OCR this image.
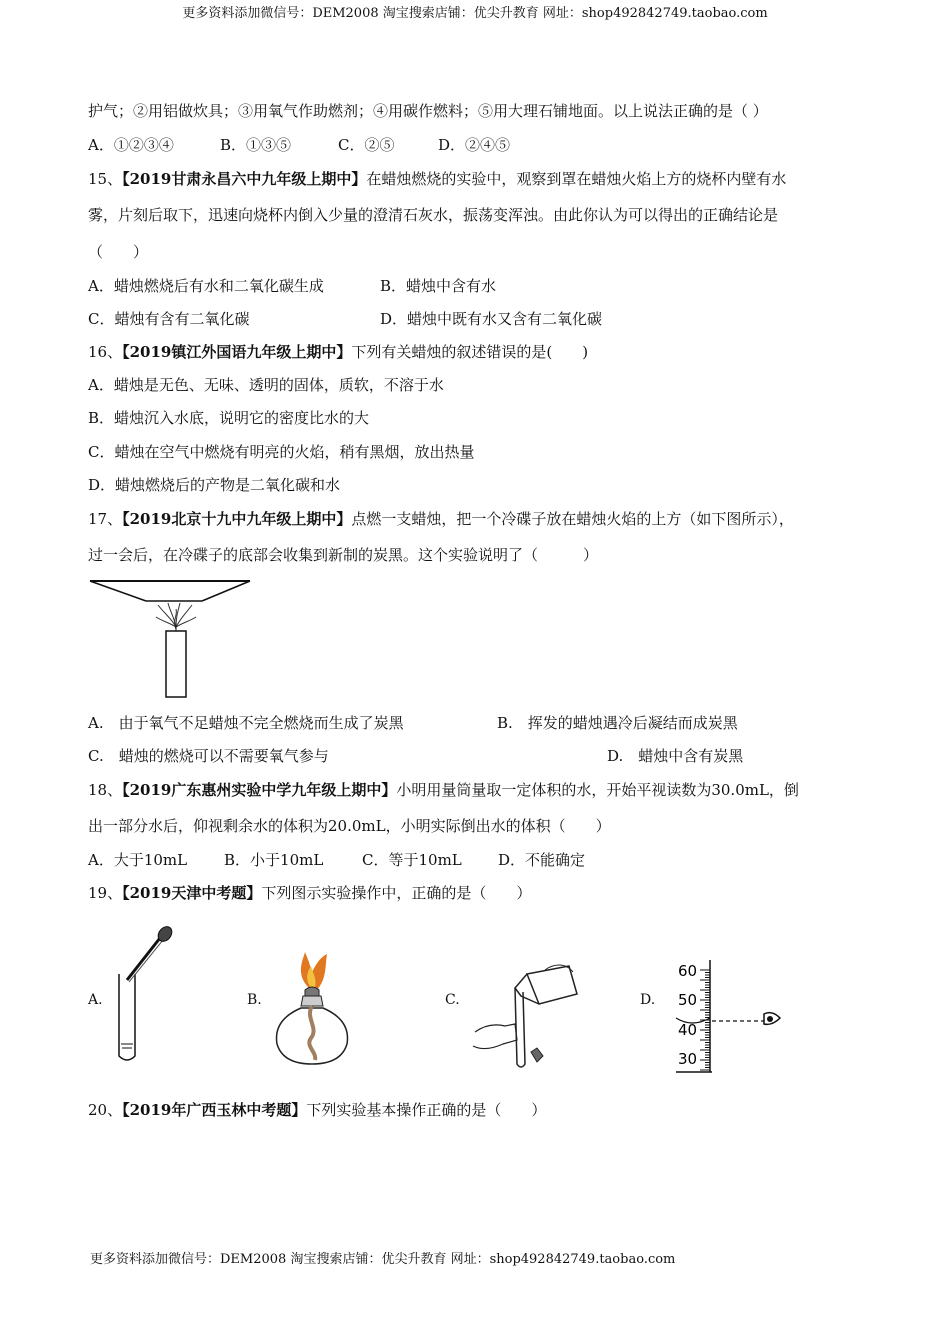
更多资料添加微信号：DEM2008 淘宝搜索店铺：优尖升教育 网址：shop492842749.taobao.com
护气；②用铝做炊具；③用氧气作助燃剂；④用碳作燃料；⑤用大理石铺地面。以上说法正确的是（ ）
A．①②③④	B．①③⑤	C．②⑤	D．②④⑤
15、【2019甘肃永昌六中九年级上期中】在蜡烛燃烧的实验中，观察到罩在蜡烛火焰上方的烧杯内壁有水
雾，片刻后取下，迅速向烧杯内倒入少量的澄清石灰水，振荡变浑浊。由此你认为可以得出的正确结论是
（　　）
A．蜡烛燃烧后有水和二氧化碳生成	B．蜡烛中含有水
C．蜡烛有含有二氧化碳	D．蜡烛中既有水又含有二氧化碳
16、【2019镇江外国语九年级上期中】下列有关蜡烛的叙述错误的是(　　)
A．蜡烛是无色、无味、透明的固体，质软，不溶于水
B．蜡烛沉入水底，说明它的密度比水的大
C．蜡烛在空气中燃烧有明亮的火焰，稍有黑烟，放出热量
D．蜡烛燃烧后的产物是二氧化碳和水
17、【2019北京十九中九年级上期中】点燃一支蜡烛，把一个冷碟子放在蜡烛火焰的上方（如下图所示），
过一会后，在冷碟子的底部会收集到新制的炭黑。这个实验说明了（　　　）
A.　由于氧气不足蜡烛不完全燃烧而生成了炭黑	B.　挥发的蜡烛遇冷后凝结而成炭黑
C.　蜡烛的燃烧可以不需要氧气参与	D.　蜡烛中含有炭黑
18、【2019广东惠州实验中学九年级上期中】小明用量筒量取一定体积的水，开始平视读数为30.0mL，倒
出一部分水后，仰视剩余水的体积为20.0mL，小明实际倒出水的体积（　　）
A．大于10mL B．小于10mL	C．等于10mL D．不能确定
19、【2019天津中考题】下列图示实验操作中，正确的是（　　）
A.	B.	C.	D.
60
50
40
30
20、【2019年广西玉林中考题】下列实验基本操作正确的是（　　）
更多资料添加微信号：DEM2008 淘宝搜索店铺：优尖升教育 网址：shop492842749.taobao.com
